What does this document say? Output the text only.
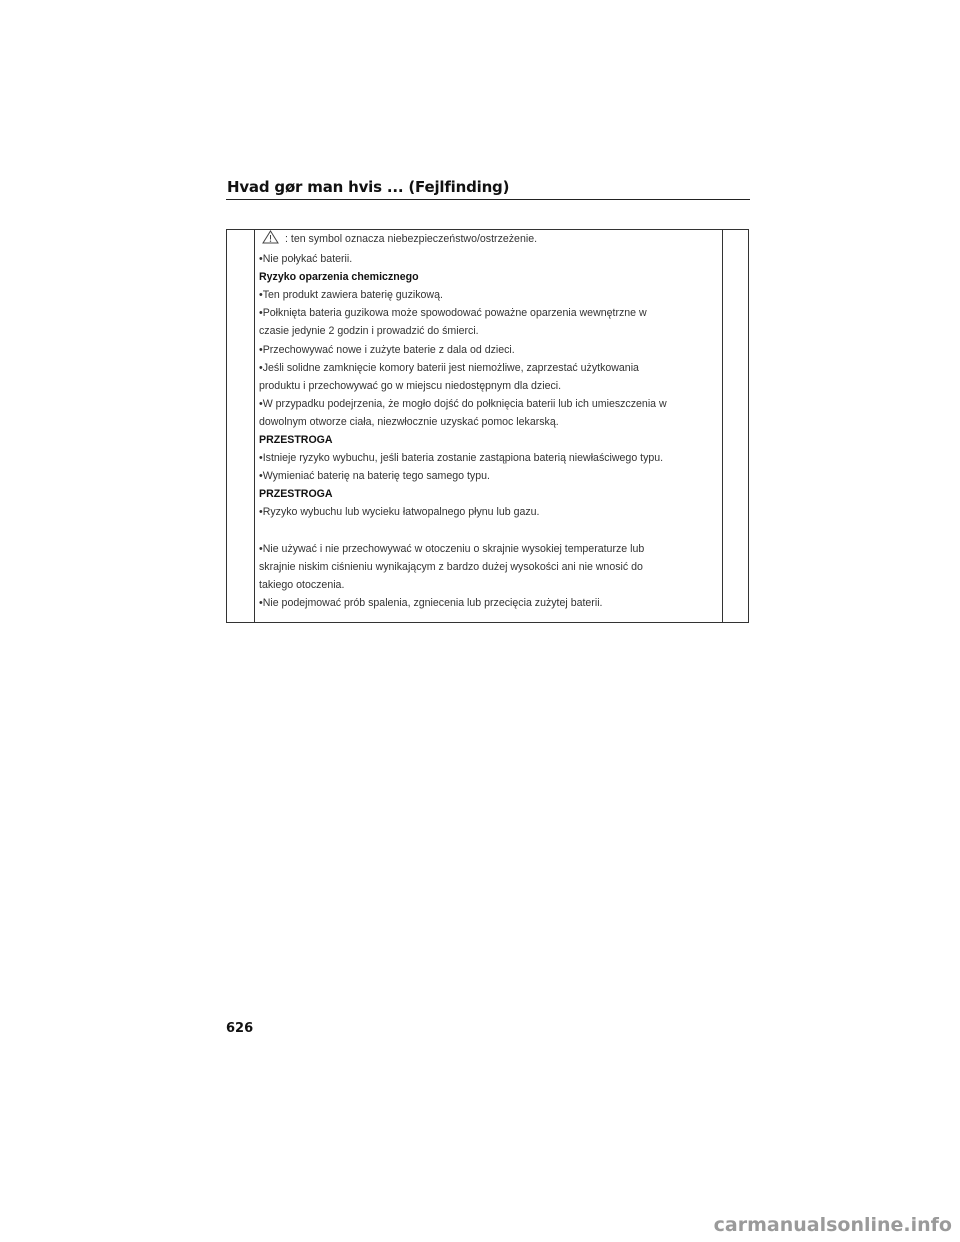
Hvad gør man hvis ... (Fejlfinding)
: ten symbol oznacza niebezpieczeństwo/ostrzeżenie.
•Nie połykać baterii.
Ryzyko oparzenia chemicznego
•Ten produkt zawiera baterię guzikową.
•Połknięta bateria guzikowa może spowodować poważne oparzenia wewnętrzne w
czasie jedynie 2 godzin i prowadzić do śmierci.
•Przechowywać nowe i zużyte baterie z dala od dzieci.
•Jeśli solidne zamknięcie komory baterii jest niemożliwe, zaprzestać użytkowania
produktu i przechowywać go w miejscu niedostępnym dla dzieci.
•W przypadku podejrzenia, że mogło dojść do połknięcia baterii lub ich umieszczenia w
dowolnym otworze ciała, niezwłocznie uzyskać pomoc lekarską.
PRZESTROGA
•Istnieje ryzyko wybuchu, jeśli bateria zostanie zastąpiona baterią niewłaściwego typu.
•Wymieniać baterię na baterię tego samego typu.
PRZESTROGA
•Ryzyko wybuchu lub wycieku łatwopalnego płynu lub gazu.
•Nie używać i nie przechowywać w otoczeniu o skrajnie wysokiej temperaturze lub
skrajnie niskim ciśnieniu wynikającym z bardzo dużej wysokości ani nie wnosić do
takiego otoczenia.
•Nie podejmować prób spalenia, zgniecenia lub przecięcia zużytej baterii.
626
carmanualsonline.info
